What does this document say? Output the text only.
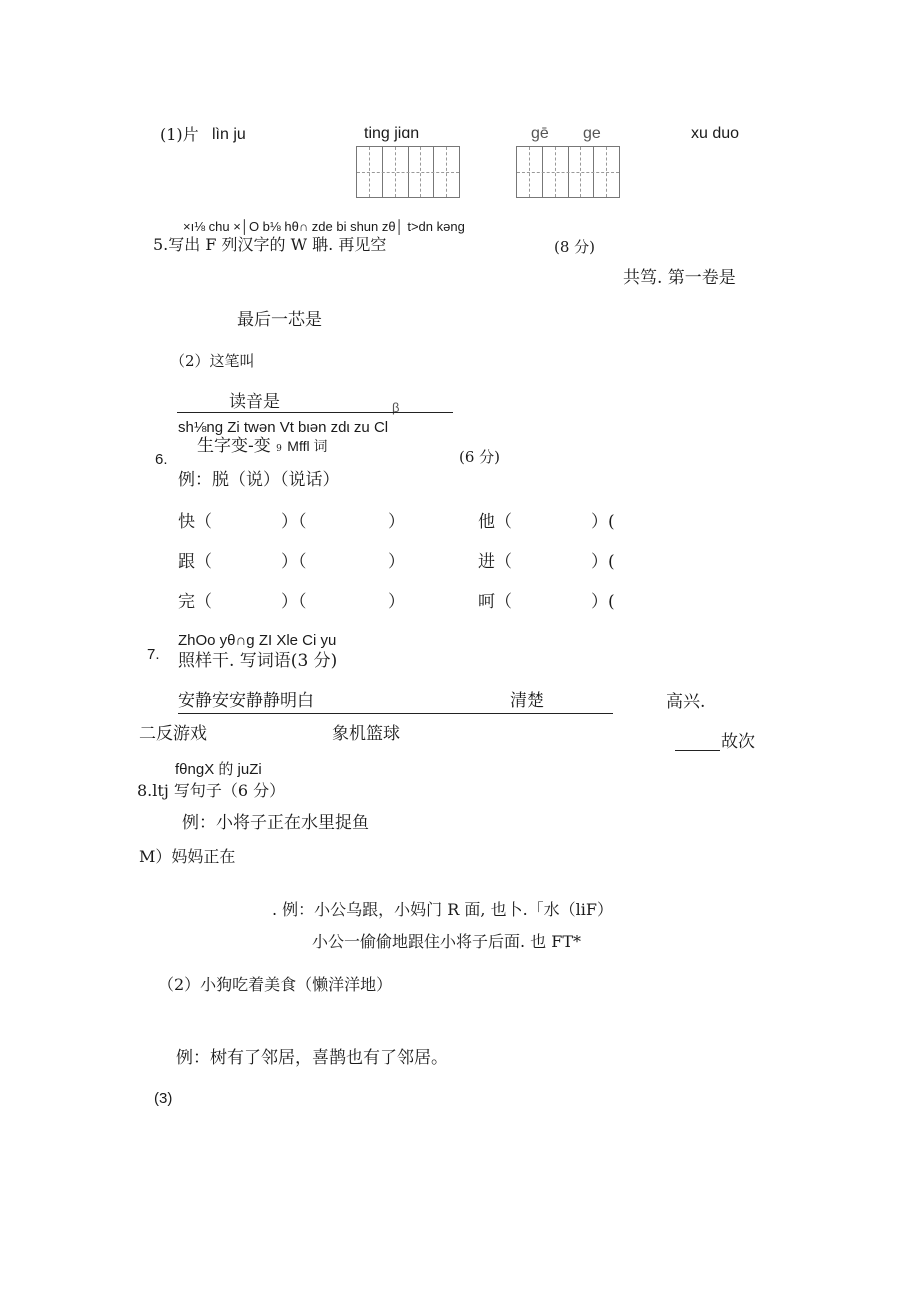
(1)片 lìn ju	ting jiɑn	gē ge	xu duo
×ı⅛ chu ×│O b⅛ hθ∩ zde bi shun zθ│ t>dn kəng
5.写出 F 列汉字的 W 聃. 再见空	(8 分)
共笃. 第一卷是
最后一芯是
（2）这笔叫
读音是	β
sh⅛ng Zi twən Vt bιən zdι zu Cl
生字变-变 9 Mffl 词
6.	(6 分)
例：脱（说）（说话）
快（	）（	）	他（	）(
跟（	）（	）	进（	）(
完（	）（	）	呵（	）(
ZhOo yθ∩g ZI Xle Ci yu
7. 照样干. 写词语(3 分)
安静安安静静明白	清楚	高兴.
二反游戏	象机篮球	故次
fθngX 的 juZi
8.ltj 写句子（6 分）
例：小将子正在水里捉鱼
M）妈妈正在
. 例：小公乌跟，小妈门 R 面, 也卜.「水（liF）
小公一偷偷地跟住小将子后面. 也 FT*
（2）小狗吃着美食（懒洋洋地）
例：树有了邻居，喜鹊也有了邻居。
(3)
